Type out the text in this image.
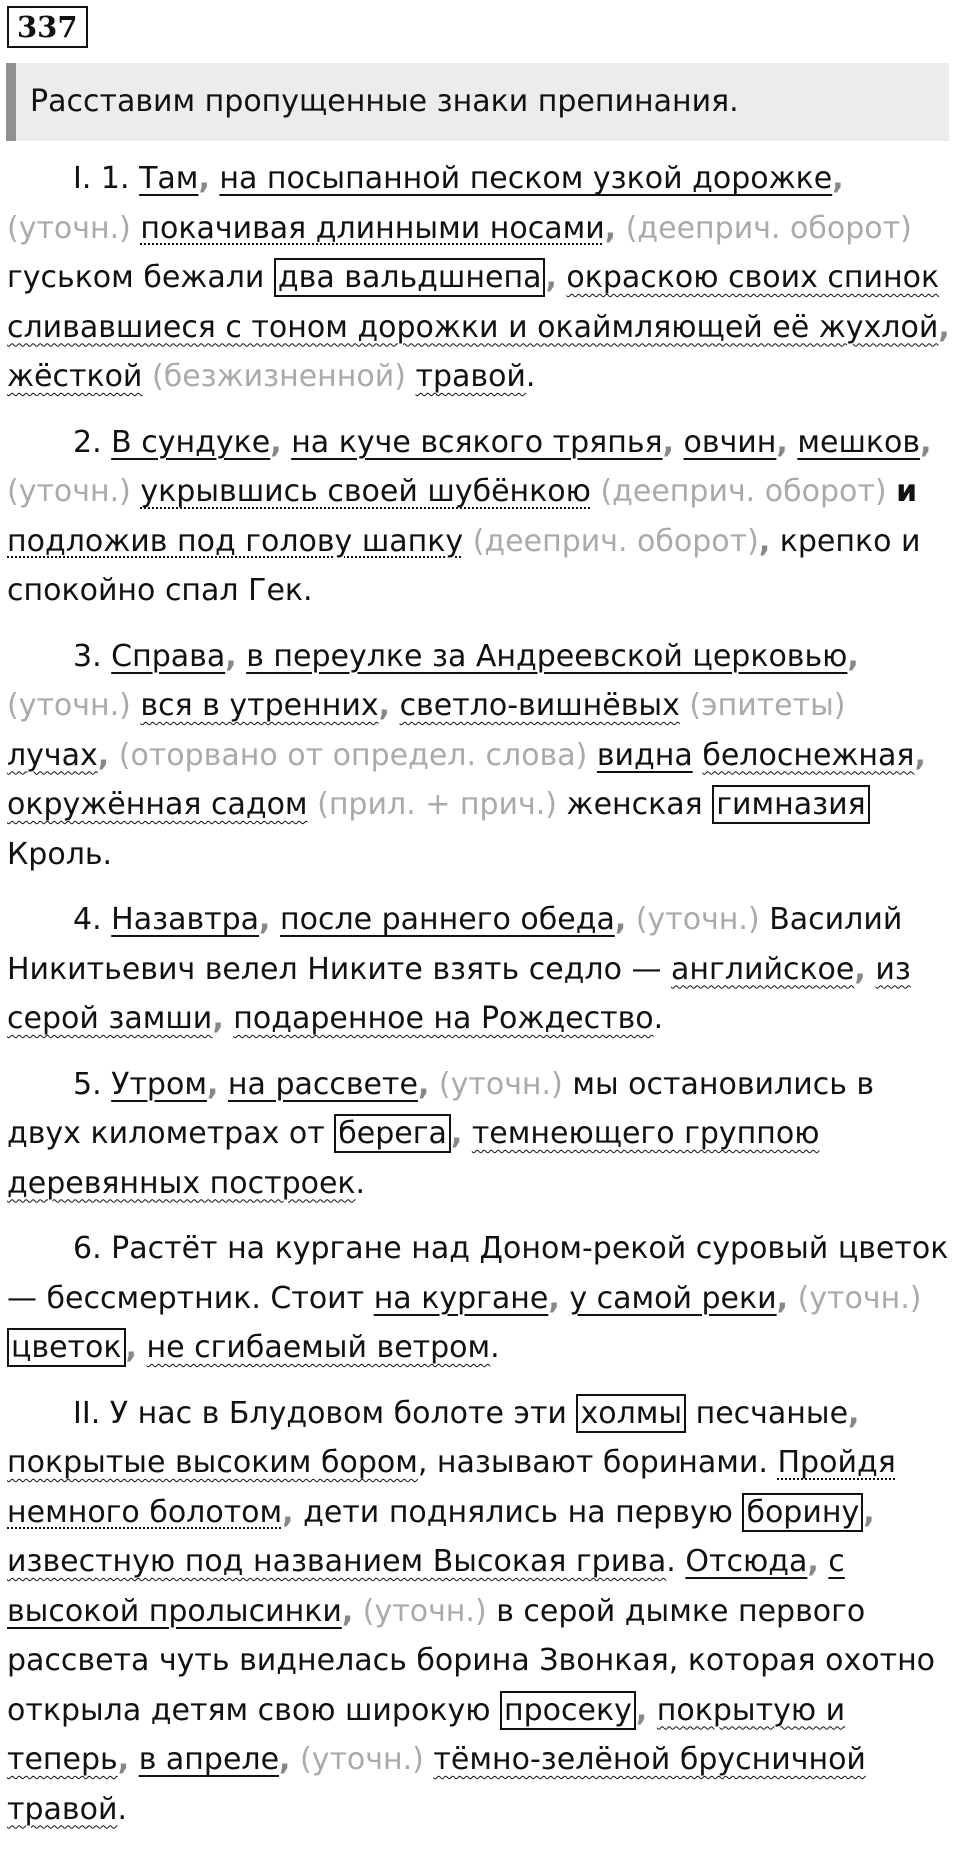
337
Расставим пропущенные знаки препинания.

I. 1. Там, на посыпанной песком узкой дорожке, (уточн.) покачивая длинными носами, (дееприч. оборот) гуськом бежали два вальдшнепа , окраскою своих спинок сливавшиеся с тоном дорожки и окаймляющей её жухлой, жёсткой (безжизненной) травой.

2. В сундуке, на куче всякого тряпья, овчин, мешков, (уточн.) укрывшись своей шубёнкою (дееприч. оборот) и подложив под голову шапку (дееприч. оборот), крепко и спокойно спал Гек.

3. Справа, в переулке за Андреевской церковью, (уточн.) вся в утренних, светло-вишнёвых (эпитеты) лучах, (оторвано от определ. слова) видна белоснежная, окружённая садом (прил. + прич.) женская гимназия Кроль.

4. Назавтра, после раннего обеда, (уточн.) Василий Никитьевич велел Никите взять седло — английское, из серой замши, подаренное на Рождество.

5. Утром, на рассвете, (уточн.) мы остановились в двух километрах от берега , темнеющего группою деревянных построек.

6. Растёт на кургане над Доном-рекой суровый цветок — бессмертник. Стоит на кургане, у самой реки, (уточн.) цветок , не сгибаемый ветром.

II. У нас в Блудовом болоте эти холмы песчаные, покрытые высоким бором, называют боринами. Пройдя немного болотом, дети поднялись на первую борину , известную под названием Высокая грива. Отсюда, с высокой пролысинки, (уточн.) в серой дымке первого рассвета чуть виднелась борина Звонкая, которая охотно открыла детям свою широкую просеку , покрытую и теперь, в апреле, (уточн.) тёмно-зелёной брусничной травой.
